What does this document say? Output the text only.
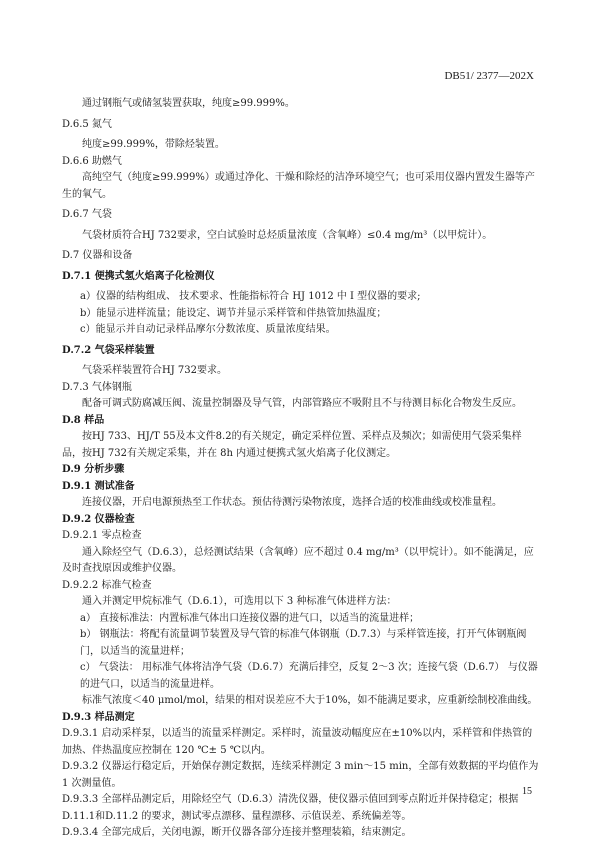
DB51/ 2377—202X

通过钢瓶气或储氢装置获取，纯度≥99.999%。

D.6.5 氮气

纯度≥99.999%，带除烃装置。

D.6.6 助燃气

高纯空气（纯度≥99.999%）或通过净化、干燥和除烃的洁净环境空气；也可采用仪器内置发生器等产生的氧气。

D.6.7 气袋

气袋材质符合HJ 732要求，空白试验时总烃质量浓度（含氧峰）≤0.4 mg/m³（以甲烷计）。

D.7 仪器和设备

D.7.1 便携式氢火焰离子化检测仪

a）仪器的结构组成、 技术要求、性能指标符合 HJ 1012 中 I 型仪器的要求;

b）能显示进样流量；能设定、调节并显示采样管和伴热管加热温度；

c）能显示并自动记录样品摩尔分数浓度、质量浓度结果。

D.7.2 气袋采样装置

气袋采样装置符合HJ 732要求。

D.7.3 气体钢瓶

配备可调式防腐减压阀、流量控制器及导气管，内部管路应不吸附且不与待测目标化合物发生反应。

D.8 样品

按HJ 733、HJ/T 55及本文件8.2的有关规定，确定采样位置、采样点及频次；如需使用气袋采集样品，按HJ 732有关规定采集，并在 8h 内通过便携式氢火焰离子化仪测定。

D.9 分析步骤

D.9.1 测试准备

连接仪器，开启电源预热至工作状态。预估待测污染物浓度，选择合适的校准曲线或校准量程。

D.9.2 仪器检查

D.9.2.1 零点检查

通入除烃空气（D.6.3），总烃测试结果（含氧峰）应不超过 0.4 mg/m³（以甲烷计）。如不能满足，应及时查找原因或维护仪器。

D.9.2.2 标准气检查

通入并测定甲烷标准气（D.6.1），可选用以下 3 种标准气体进样方法：

a） 直接标准法：内置标准气体出口连接仪器的进气口，以适当的流量进样；

b） 钢瓶法：将配有流量调节装置及导气管的标准气体钢瓶（D.7.3）与采样管连接，打开气体钢瓶阀门，以适当的流量进样；

c） 气袋法： 用标准气体将洁净气袋（D.6.7）充满后排空，反复 2～3 次；连接气袋（D.6.7） 与仪器的进气口，以适当的流量进样。

标准气浓度＜40 μmol/mol，结果的相对误差应不大于10%，如不能满足要求，应重新绘制校准曲线。

D.9.3 样品测定

D.9.3.1 启动采样泵，以适当的流量采样测定。采样时，流量波动幅度应在±10%以内，采样管和伴热管的加热、伴热温度应控制在 120 ℃± 5 ℃以内。

D.9.3.2 仪器运行稳定后，开始保存测定数据，连续采样测定 3 min～15 min，全部有效数据的平均值作为 1 次测量值。

D.9.3.3 全部样品测定后，用除烃空气（D.6.3）清洗仪器，使仪器示值回到零点附近并保持稳定；根据D.11.1和D.11.2 的要求，测试零点漂移、量程漂移、示值误差、系统偏差等。

D.9.3.4 全部完成后，关闭电源，断开仪器各部分连接并整理装箱，结束测定。

15
